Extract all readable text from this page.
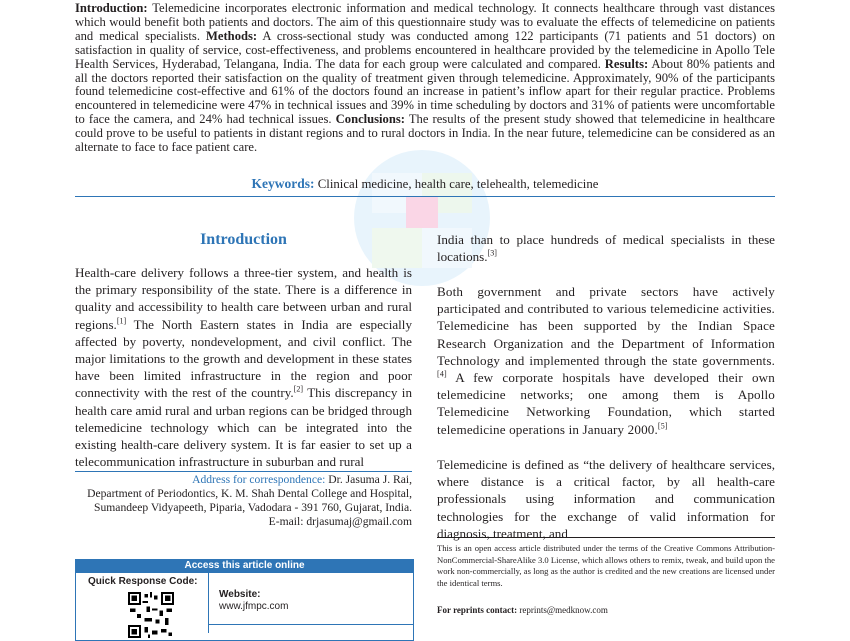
Introduction: Telemedicine incorporates electronic information and medical technology. It connects healthcare through vast distances which would benefit both patients and doctors. The aim of this questionnaire study was to evaluate the effects of telemedicine on patients and medical specialists. Methods: A cross-sectional study was conducted among 122 participants (71 patients and 51 doctors) on satisfaction in quality of service, cost-effectiveness, and problems encountered in healthcare provided by the telemedicine in Apollo Tele Health Services, Hyderabad, Telangana, India. The data for each group were calculated and compared. Results: About 80% patients and all the doctors reported their satisfaction on the quality of treatment given through telemedicine. Approximately, 90% of the participants found telemedicine cost-effective and 61% of the doctors found an increase in patient’s inflow apart for their regular practice. Problems encountered in telemedicine were 47% in technical issues and 39% in time scheduling by doctors and 31% of patients were uncomfortable to face the camera, and 24% had technical issues. Conclusions: The results of the present study showed that telemedicine in healthcare could prove to be useful to patients in distant regions and to rural doctors in India. In the near future, telemedicine can be considered as an alternate to face to face patient care.
Keywords: Clinical medicine, health care, telehealth, telemedicine
Introduction

Health-care delivery follows a three-tier system, and health is the primary responsibility of the state. There is a difference in quality and accessibility to health care between urban and rural regions.[1] The North Eastern states in India are especially affected by poverty, nondevelopment, and civil conflict. The major limitations to the growth and development in these states have been limited infrastructure in the region and poor connectivity with the rest of the country.[2] This discrepancy in health care amid rural and urban regions can be bridged through telemedicine technology which can be integrated into the existing health-care delivery system. It is far easier to set up a telecommunication infrastructure in suburban and rural

India than to place hundreds of medical specialists in these locations.[3]

Both government and private sectors have actively participated and contributed to various telemedicine activities. Telemedicine has been supported by the Indian Space Research Organization and the Department of Information Technology and implemented through the state governments.[4] A few corporate hospitals have developed their own telemedicine networks; one among them is Apollo Telemedicine Networking Foundation, which started telemedicine operations in January 2000.[5]

Telemedicine is defined as “the delivery of healthcare services, where distance is a critical factor, by all health-care professionals using information and communication technologies for the exchange of valid information for diagnosis, treatment, and

Address for correspondence: Dr. Jasuma J. Rai,
Department of Periodontics, K. M. Shah Dental College and Hospital, Sumandeep Vidyapeeth, Piparia, Vadodara - 391 760, Gujarat, India.
E-mail: drjasumaj@gmail.com
Access this article online
Quick Response Code:
Website:
www.jfmpc.com
This is an open access article distributed under the terms of the Creative Commons Attribution-NonCommercial-ShareAlike 3.0 License, which allows others to remix, tweak, and build upon the work non-commercially, as long as the author is credited and the new creations are licensed under the identical terms.
For reprints contact: reprints@medknow.com
